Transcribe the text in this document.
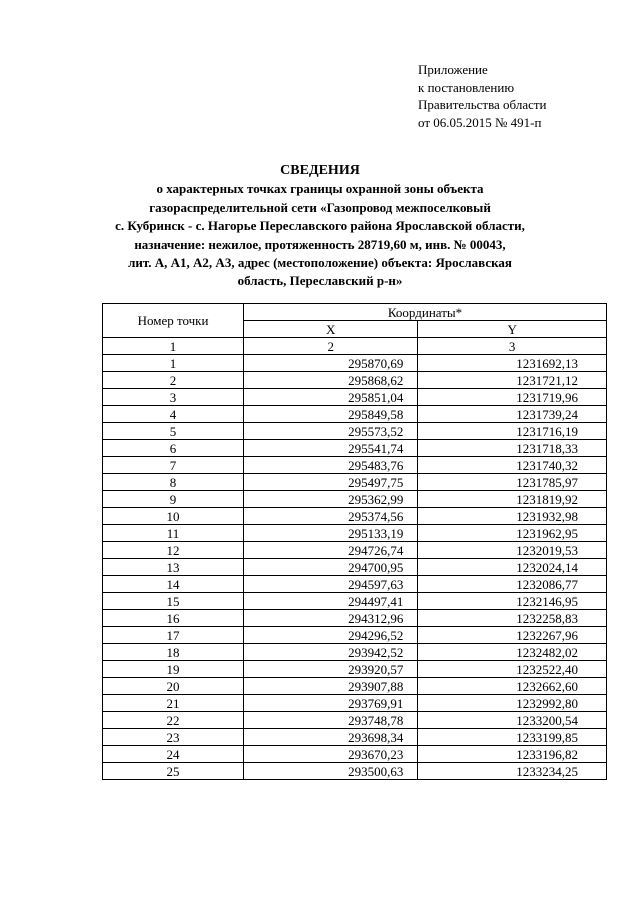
Приложение
к постановлению
Правительства области
от 06.05.2015 № 491-п
СВЕДЕНИЯ
о характерных точках границы охранной зоны объекта
газораспределительной сети «Газопровод межпоселковый
с. Кубринск - с. Нагорье Переславского района Ярославской области,
назначение: нежилое, протяженность 28719,60 м, инв. № 00043,
лит. А, А1, А2, А3, адрес (местоположение) объекта: Ярославская
область, Переславский р-н»
Номер точки	Координаты*	
	X	Y
1	2	3
1	295870,69	1231692,13
2	295868,62	1231721,12
3	295851,04	1231719,96
4	295849,58	1231739,24
5	295573,52	1231716,19
6	295541,74	1231718,33
7	295483,76	1231740,32
8	295497,75	1231785,97
9	295362,99	1231819,92
10	295374,56	1231932,98
11	295133,19	1231962,95
12	294726,74	1232019,53
13	294700,95	1232024,14
14	294597,63	1232086,77
15	294497,41	1232146,95
16	294312,96	1232258,83
17	294296,52	1232267,96
18	293942,52	1232482,02
19	293920,57	1232522,40
20	293907,88	1232662,60
21	293769,91	1232992,80
22	293748,78	1233200,54
23	293698,34	1233199,85
24	293670,23	1233196,82
25	293500,63	1233234,25
